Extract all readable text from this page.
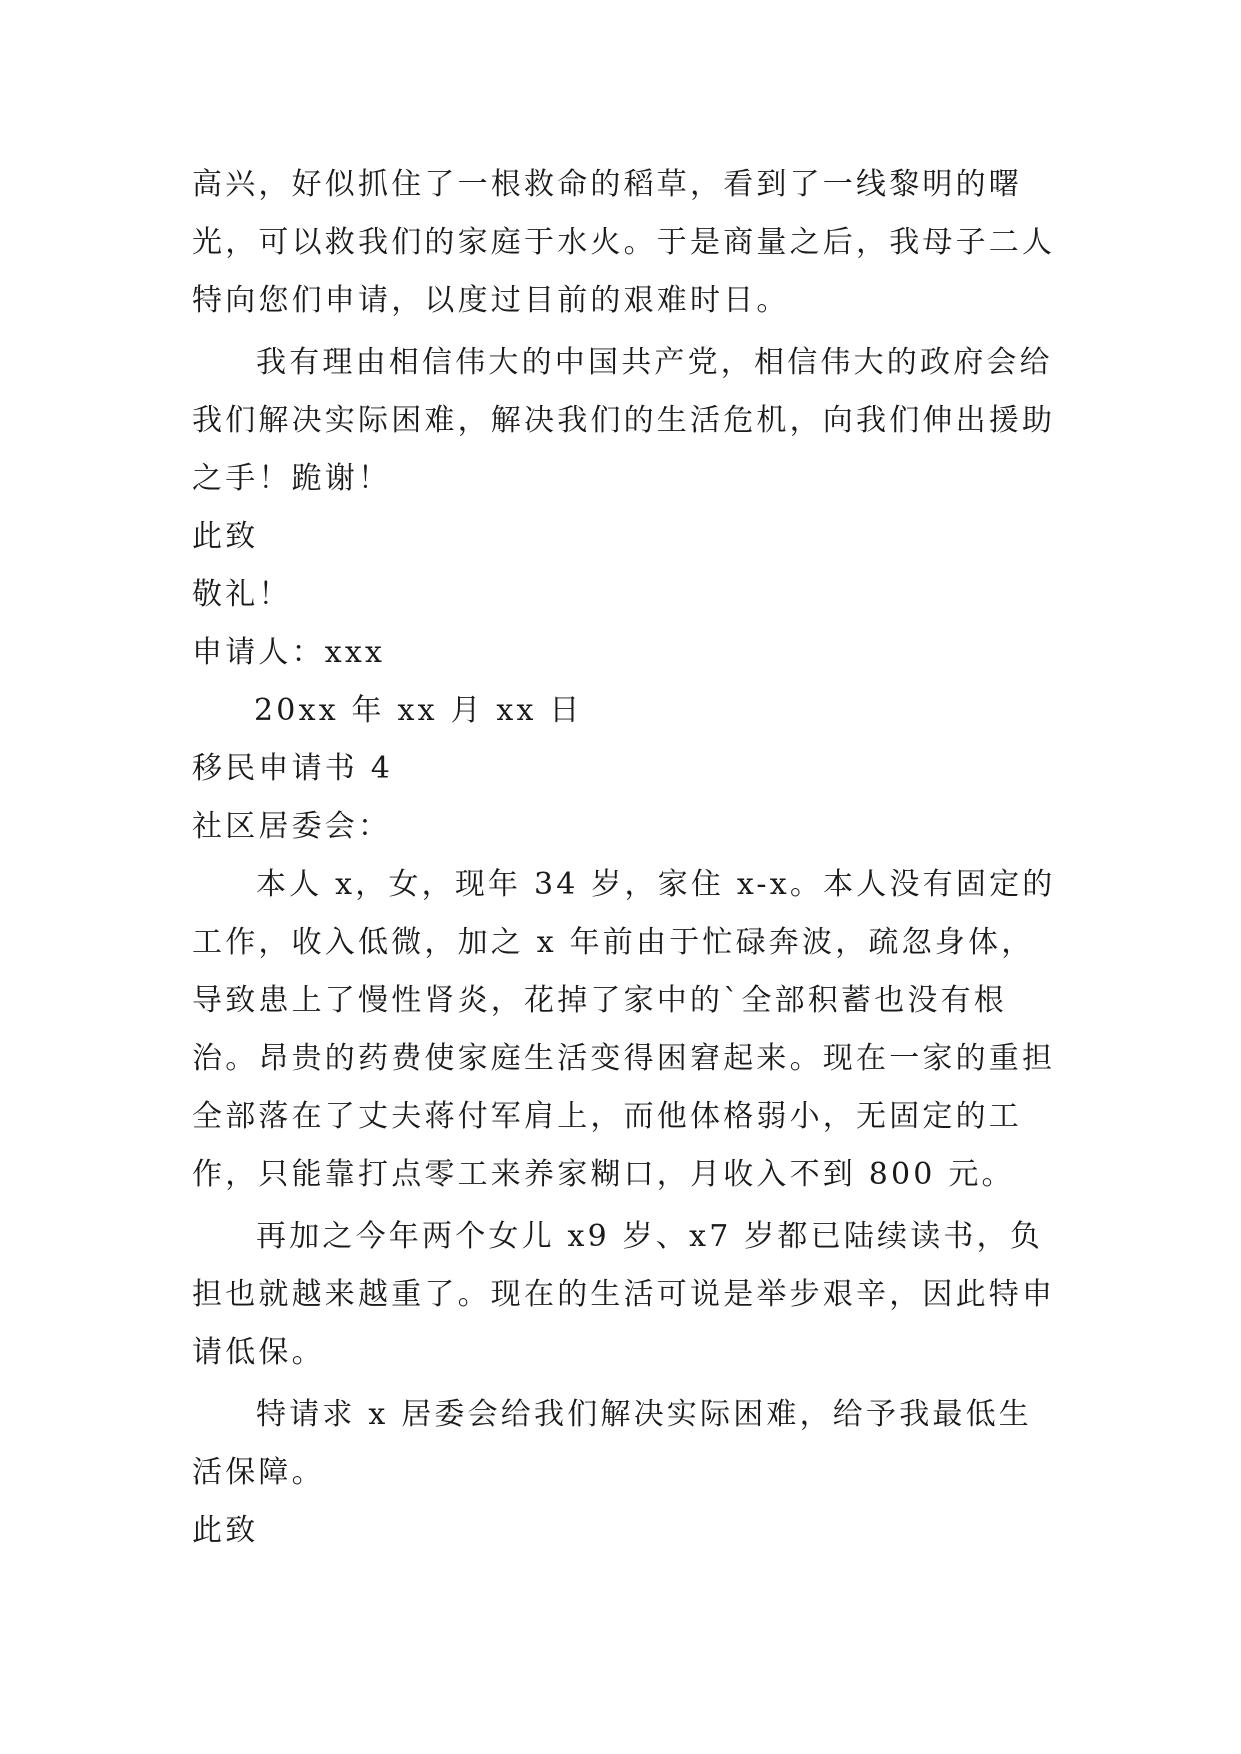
高兴，好似抓住了一根救命的稻草，看到了一线黎明的曙光，可以救我们的家庭于水火。于是商量之后，我母子二人特向您们申请，以度过目前的艰难时日。

我有理由相信伟大的中国共产党，相信伟大的政府会给我们解决实际困难，解决我们的生活危机，向我们伸出援助之手！跪谢！

此致

敬礼！

申请人：xxx

20xx 年 xx 月 xx 日

移民申请书 4

社区居委会：

本人 x，女，现年 34 岁，家住 x-x。本人没有固定的工作，收入低微，加之 x 年前由于忙碌奔波，疏忽身体，导致患上了慢性肾炎，花掉了家中的`全部积蓄也没有根治。昂贵的药费使家庭生活变得困窘起来。现在一家的重担全部落在了丈夫蒋付军肩上，而他体格弱小，无固定的工作，只能靠打点零工来养家糊口，月收入不到 800 元。

再加之今年两个女儿 x9 岁、x7 岁都已陆续读书，负担也就越来越重了。现在的生活可说是举步艰辛，因此特申请低保。

特请求 x 居委会给我们解决实际困难，给予我最低生活保障。

此致
